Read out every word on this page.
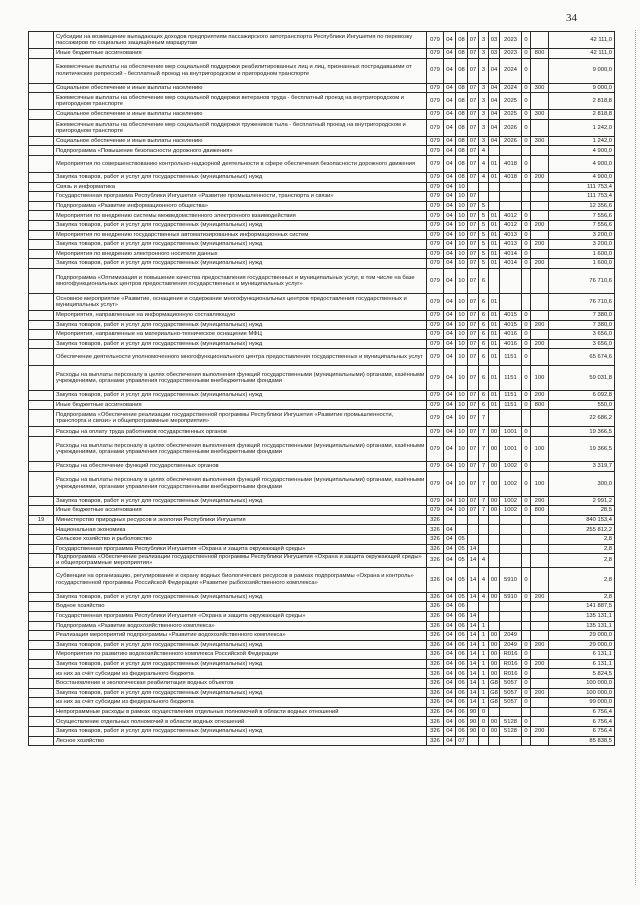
34
	Субсидии на возмещение выпадающих доходов предприятиям пассажирского автотранспорта Республики Ингушетия по перевозку пассажиров по социально защищённым маршрутам	079	04	08	07	3	03	2023	0		42 111,0
	Иные бюджетные ассигнования	079	04	08	07	3	03	2023	0	800	42 111,0
	Ежемесячные выплаты на обеспечение мер социальной поддержки реабилитированных лиц и лиц, признанных пострадавшими от политических репрессий - бесплатный проезд на внутригородском и пригородном транспорте	079	04	08	07	3	04	2024	0		9 000,0
	Социальное обеспечение и иные выплаты населению	079	04	08	07	3	04	2024	0	300	9 000,0
	Ежемесячные выплаты на обеспечение мер социальной поддержки ветеранов труда - бесплатный проезд на внутригородском и пригородном транспорте	079	04	08	07	3	04	2025	0		2 818,8
	Социальное обеспечение и иные выплаты населению	079	04	08	07	3	04	2025	0	300	2 818,8
	Ежемесячные выплаты на обеспечение мер социальной поддержки тружеников тыла - бесплатный проезд на внутригородском и пригородном транспорте	079	04	08	07	3	04	2026	0		1 242,0
	Социальное обеспечение и иные выплаты населению	079	04	08	07	3	04	2026	0	300	1 242,0
	Подпрограмма «Повышение безопасности дорожного движения»	079	04	08	07	4					4 900,0
	Мероприятия по совершенствованию контрольно-надзорной деятельности в сфере обеспечения безопасности дорожного движения	079	04	08	07	4	01	4018	0		4 900,0
	Закупка товаров, работ и услуг для государственных (муниципальных) нужд	079	04	08	07	4	01	4018	0	200	4 900,0
	Связь и информатика	079	04	10							111 753,4
	Государственная программа Республики Ингушетия «Развитие промышленности, транспорта и связи»	079	04	10	07						111 753,4
	Подпрограмма «Развитие информационного общества»	079	04	10	07	5					12 356,6
	Мероприятия по внедрению системы межведомственного электронного взаимодействия	079	04	10	07	5	01	4012	0		7 556,6
	Закупка товаров, работ и услуг для государственных (муниципальных) нужд	079	04	10	07	5	01	4012	0	200	7 556,6
	Мероприятия по внедрению государственных автоматизированных информационных систем	079	04	10	07	5	01	4013	0		3 200,0
	Закупка товаров, работ и услуг для государственных (муниципальных) нужд	079	04	10	07	5	01	4013	0	200	3 200,0
	Мероприятия по внедрению электронного носителя данных	079	04	10	07	5	01	4014	0		1 600,0
	Закупка товаров, работ и услуг для государственных (муниципальных) нужд	079	04	10	07	5	01	4014	0	200	1 600,0
	Подпрограмма «Оптимизация и повышение качества предоставления государственных и муниципальных услуг, в том числе на базе многофункциональных центров предоставления государственных и муниципальных услуг»	079	04	10	07	6					76 710,6
	Основное мероприятие «Развитие, оснащение и содержание многофункциональных центров предоставления государственных и муниципальных услуг»	079	04	10	07	6	01				76 710,6
	Мероприятия, направленные на информационную составляющую	079	04	10	07	6	01	4015	0		7 380,0
	Закупка товаров, работ и услуг для государственных (муниципальных) нужд	079	04	10	07	6	01	4015	0	200	7 380,0
	Мероприятия, направленные на материально-техническое оснащение МФЦ	079	04	10	07	6	01	4016	0		3 656,0
	Закупка товаров, работ и услуг для государственных (муниципальных) нужд	079	04	10	07	6	01	4016	0	200	3 656,0
	Обеспечение деятельности уполномоченного многофункционального центра предоставления государственных и муниципальных услуг	079	04	10	07	6	01	1151	0		65 674,6
	Расходы на выплаты персоналу в целях обеспечения выполнения функций государственными (муниципальными) органами, казёнными учреждениями, органами управления государственными внебюджетными фондами	079	04	10	07	6	01	1151	0	100	59 031,8
	Закупка товаров, работ и услуг для государственных (муниципальных) нужд	079	04	10	07	6	01	1151	0	200	6 092,8
	Иные бюджетные ассигнования	079	04	10	07	6	01	1151	0	800	550,0
	Подпрограмма «Обеспечение реализации государственной программы Республики Ингушетия «Развитие промышленности, транспорта и связи» и общепрограммные мероприятия»	079	04	10	07	7					22 686,2
	Расходы на оплату труда работников государственных органов	079	04	10	07	7	00	1001	0		19 366,5
	Расходы на выплаты персоналу в целях обеспечения выполнения функций государственными (муниципальными) органами, казёнными учреждениями, органами управления государственными внебюджетными фондами	079	04	10	07	7	00	1001	0	100	19 366,5
	Расходы на обеспечение функций государственных органов	079	04	10	07	7	00	1002	0		3 319,7
	Расходы на выплаты персоналу в целях обеспечения выполнения функций государственными (муниципальными) органами, казёнными учреждениями, органами управления государственными внебюджетными фондами	079	04	10	07	7	00	1002	0	100	300,0
	Закупка товаров, работ и услуг для государственных (муниципальных) нужд	079	04	10	07	7	00	1002	0	200	2 991,2
	Иные бюджетные ассигнования	079	04	10	07	7	00	1002	0	800	28,5
19	Министерство природных ресурсов и экологии Республики Ингушетия	326									840 153,4
	Национальная экономика	326	04								255 812,2
	Сельское хозяйство и рыболовство	326	04	05							2,8
	Государственная программа Республики Ингушетия «Охрана и защита окружающей среды»	326	04	05	14						2,8
	Подпрограмма «Обеспечение реализации государственной программы Республики Ингушетия «Охрана и защита окружающей среды» и общепрограммные мероприятия»	326	04	05	14	4					2,8
	Субвенции на организацию, регулирование и охрану водных биологических ресурсов в рамках подпрограммы «Охрана и контроль» государственной программы Российской Федерации «Развитие рыбохозяйственного комплекса»	326	04	05	14	4	00	5910	0		2,8
	Закупка товаров, работ и услуг для государственных (муниципальных) нужд	326	04	05	14	4	00	5910	0	200	2,8
	Водное хозяйство	326	04	06							141 887,5
	Государственная программа Республики Ингушетия «Охрана и защита окружающей среды»	326	04	06	14						135 131,1
	Подпрограмма «Развитие водохозяйственного комплекса»	326	04	06	14	1					135 131,1
	Реализация мероприятий подпрограммы «Развитие водохозяйственного комплекса»	326	04	06	14	1	00	2049			29 000,0
	Закупка товаров, работ и услуг для государственных (муниципальных) нужд	326	04	06	14	1	00	2049	0	200	29 000,0
	Мероприятия по развитию водохозяйственного комплекса Российской Федерации	326	04	06	14	1	00	R016	0		6 131,1
	Закупка товаров, работ и услуг для государственных (муниципальных) нужд	326	04	06	14	1	00	R016	0	200	6 131,1
	из них за счёт субсидии из федерального бюджета	326	04	06	14	1	00	R016	0		5 824,5
	Восстановление и экологическая реабилитация водных объектов	326	04	06	14	1	G8	5057	0		100 000,0
	Закупка товаров, работ и услуг для государственных (муниципальных) нужд	326	04	06	14	1	G8	5057	0	200	100 000,0
	из них за счёт субсидии из федерального бюджета	326	04	06	14	1	G8	5057	0		99 000,0
	Непрограммные расходы в рамках осуществления отдельных полномочий в области водных отношений	326	04	06	90	0					6 756,4
	Осуществление отдельных полномочий в области водных отношений	326	04	06	90	0	00	5128	0		6 756,4
	Закупка товаров, работ и услуг для государственных (муниципальных) нужд	326	04	06	90	0	00	5128	0	200	6 756,4
	Лесное хозяйство	326	04	07							85 838,5
